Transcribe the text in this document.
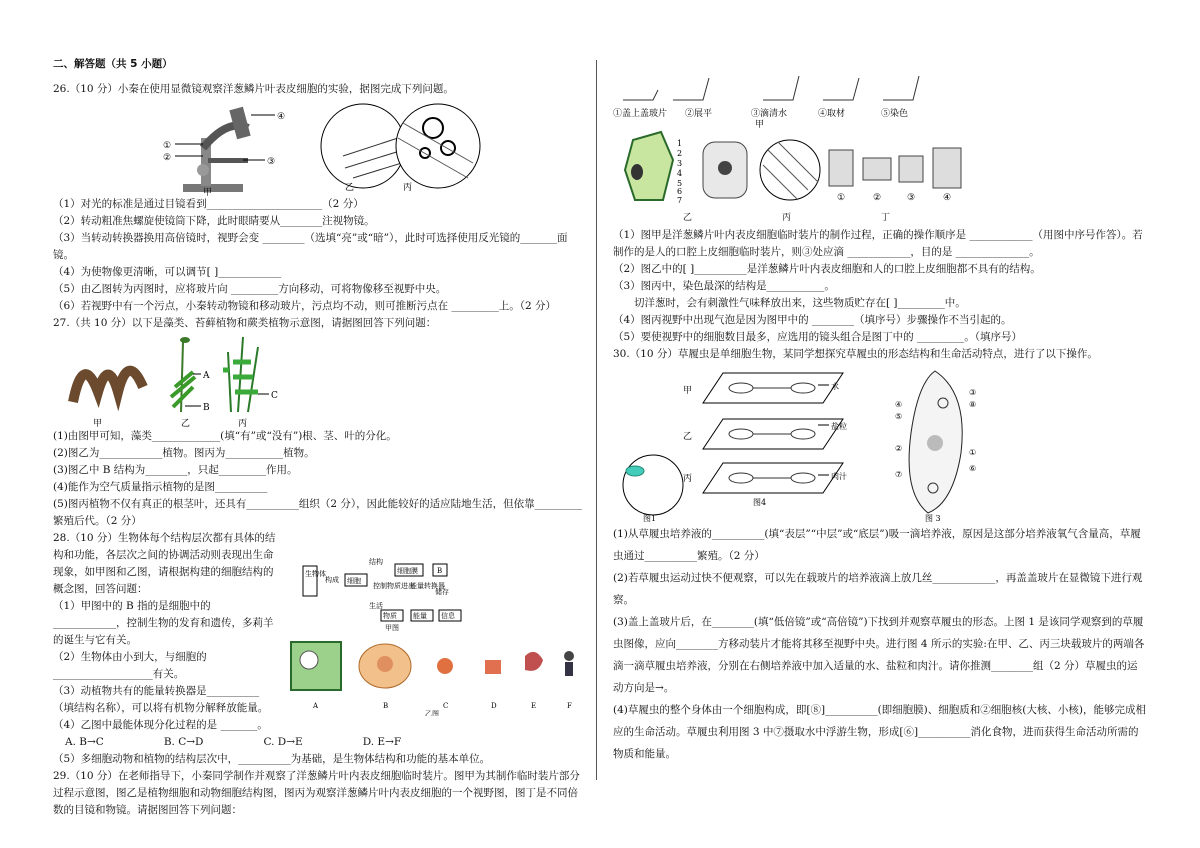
二、解答题（共 5 小题）

26.（10 分）小秦在使用显微镜观察洋葱鳞片叶表皮细胞的实验，据图完成下列问题。

④
①
②	③
甲	乙	丙

（1）对光的标准是通过目镜看到______________________（2 分）

（2）转动粗准焦螺旋使镜筒下降，此时眼睛要从________注视物镜。

（3）当转动转换器换用高倍镜时，视野会变 ________（选填“亮”或“暗”），此时可选择使用反光镜的_______面镜。

（4）为使物像更清晰，可以调节[ ]____________

（5）由乙图转为丙图时，应将玻片向 _________方向移动，可将物像移至视野中央。

（6）若视野中有一个污点，小秦转动物镜和移动玻片，污点均不动，则可推断污点在 _________上。（2 分）

27.（共 10 分）以下是藻类、苔藓植物和蕨类植物示意图，请据图回答下列问题：

甲
A
B
乙
C
丙

(1)由图甲可知，藻类_____________(填“有”或“没有”)根、茎、叶的分化。

(2)图乙为____________植物。图丙为___________植物。

(3)图乙中 B 结构为________，只起_________作用。

(4)能作为空气质量指示植物的是图__________

(5)图丙植物不仅有真正的根茎叶，还具有__________组织（2 分），因此能较好的适应陆地生活，但依靠_________繁殖后代。（2 分）

28.（10 分）生物体每个结构层次都有具体的结构和功能，各层次之间的协调活动则表现出生命现象，如甲图和乙图，请根据构建的细胞结构的概念图，回答问题：

（1）甲图中的 B 指的是细胞中的____________，控制生物的发育和遗传，多莉羊的诞生与它有关。

（2）生物体由小到大，与细胞的___________________有关。

（3）动植物共有的能量转换器是__________（填结构名称），可以将有机物分解释放能量。

（4）乙图中最能体现分化过程的是 _______。

生物体
构成 细胞
结构
细胞膜	B
控制物质进出
能量转换器
储存
生活
物质 能量 信息
甲图
A	B	C	D	E	F
乙图
A. B→C	B. C→D	C. D→E	D. E→F

（5）多细胞动物和植物的结构层次中，__________为基础，是生物体结构和功能的基本单位。

29.（10 分）在老师指导下，小秦同学制作并观察了洋葱鳞片叶内表皮细胞临时装片。图甲为其制作临时装片部分过程示意图，图乙是植物细胞和动物细胞结构图，图丙为观察洋葱鳞片叶内表皮细胞的一个视野图，图丁是不同倍数的目镜和物镜。请据图回答下列问题：

①盖上盖玻片 ②展平	③滴清水
甲
④取材	⑤染色
1
2
3
4
5
6
7	①	②	③	④
乙	丙	丁

（1）图甲是洋葱鳞片叶内表皮细胞临时装片的制作过程，正确的操作顺序是 ____________（用图中序号作答）。若制作的是人的口腔上皮细胞临时装片，则③处应滴 ____________，目的是 ______________。

（2）图乙中的[ ]__________是洋葱鳞片叶内表皮细胞和人的口腔上皮细胞都不具有的结构。

（3）图丙中，染色最深的结构是___________。

切洋葱时，会有刺激性气味释放出来，这些物质贮存在[ ]_________中。

（4）图丙视野中出现气泡是因为图甲中的 ________（填序号）步骤操作不当引起的。

（5）要使视野中的细胞数目最多，应选用的镜头组合是图丁中的 _________。（填序号）

30.（10 分）草履虫是单细胞生物，某同学想探究草履虫的形态结构和生命活动特点，进行了以下操作。

水
甲
盐粒
乙
肉汁
丙
图1
图4
④
⑤
②
⑦
③
⑧
①
⑥
图 3

(1)从草履虫培养液的__________(填“表层”“中层”或“底层”)吸一滴培养液，原因是这部分培养液氧气含量高，草履虫通过__________繁殖。（2 分）

(2)若草履虫运动过快不便观察，可以先在载玻片的培养液滴上放几丝____________，再盖盖玻片在显微镜下进行观察。

(3)盖上盖玻片后，在________(填“低倍镜”或“高倍镜”)下找到并观察草履虫的形态。上图 1 是该同学观察到的草履虫图像，应向________方移动装片才能将其移至视野中央。进行图 4 所示的实验:在甲、乙、丙三块载玻片的两端各滴一滴草履虫培养液，分别在右侧培养液中加入适量的水、盐粒和肉汁。请你推测________组（2 分）草履虫的运动方向是→。

(4)草履虫的整个身体由一个细胞构成，即[⑧]__________(即细胞膜)、细胞质和②细胞核(大核、小核)，能够完成相应的生命活动。草履虫利用图 3 中⑦摄取水中浮游生物，形成[⑥]__________消化食物，进而获得生命活动所需的物质和能量。
